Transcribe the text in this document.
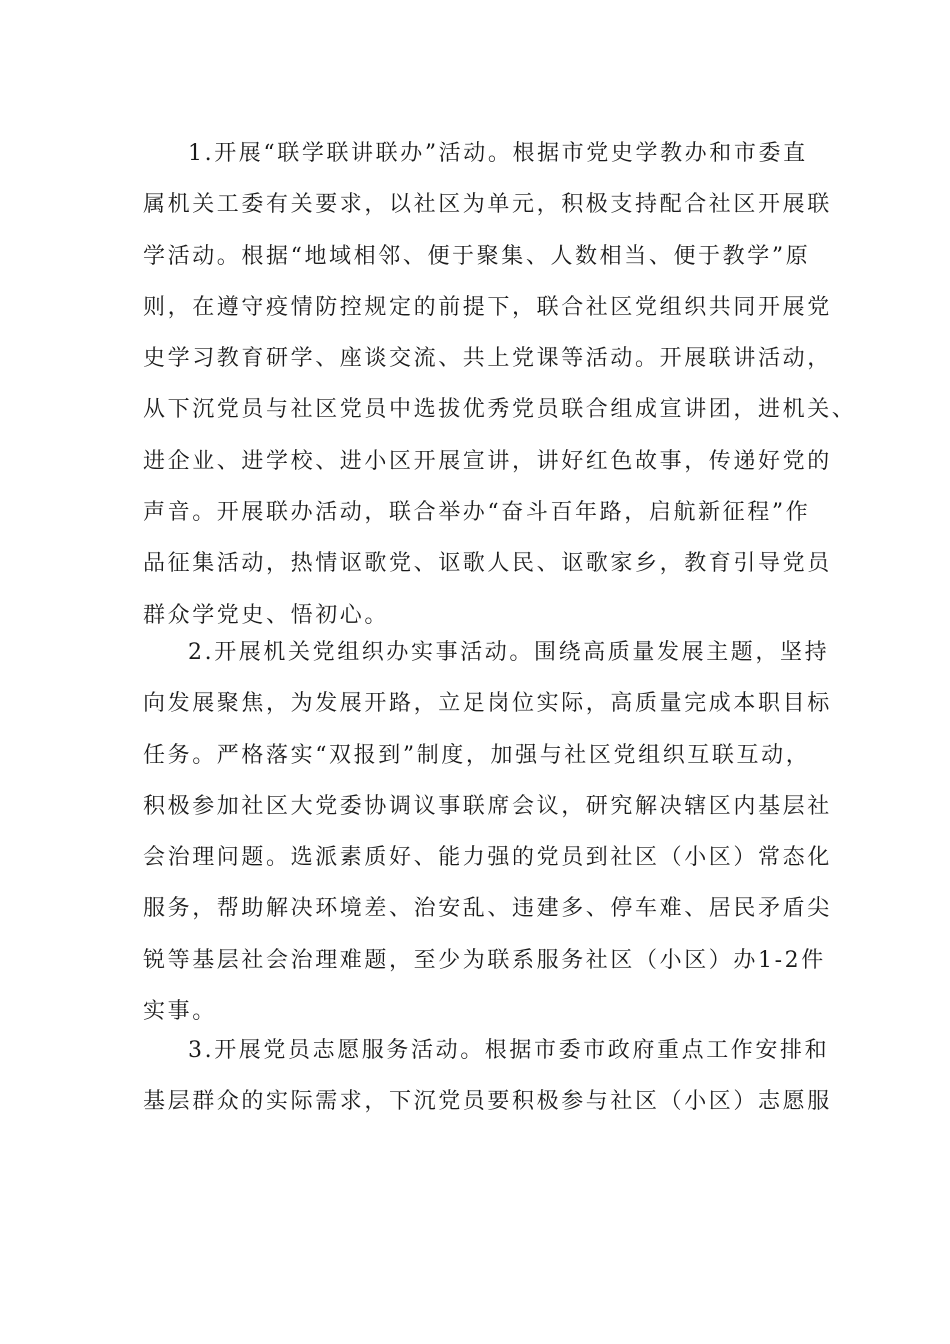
1.开展“联学联讲联办”活动。根据市党史学教办和市委直
属机关工委有关要求，以社区为单元，积极支持配合社区开展联
学活动。根据“地域相邻、便于聚集、人数相当、便于教学”原
则，在遵守疫情防控规定的前提下，联合社区党组织共同开展党
史学习教育研学、座谈交流、共上党课等活动。开展联讲活动，
从下沉党员与社区党员中选拔优秀党员联合组成宣讲团，进机关、
进企业、进学校、进小区开展宣讲，讲好红色故事，传递好党的
声音。开展联办活动，联合举办“奋斗百年路，启航新征程”作
品征集活动，热情讴歌党、讴歌人民、讴歌家乡，教育引导党员
群众学党史、悟初心。
2.开展机关党组织办实事活动。围绕高质量发展主题，坚持
向发展聚焦，为发展开路，立足岗位实际，高质量完成本职目标
任务。严格落实“双报到”制度，加强与社区党组织互联互动，
积极参加社区大党委协调议事联席会议，研究解决辖区内基层社
会治理问题。选派素质好、能力强的党员到社区（小区）常态化
服务，帮助解决环境差、治安乱、违建多、停车难、居民矛盾尖
锐等基层社会治理难题，至少为联系服务社区（小区）办1-2件
实事。
3.开展党员志愿服务活动。根据市委市政府重点工作安排和
基层群众的实际需求，下沉党员要积极参与社区（小区）志愿服
